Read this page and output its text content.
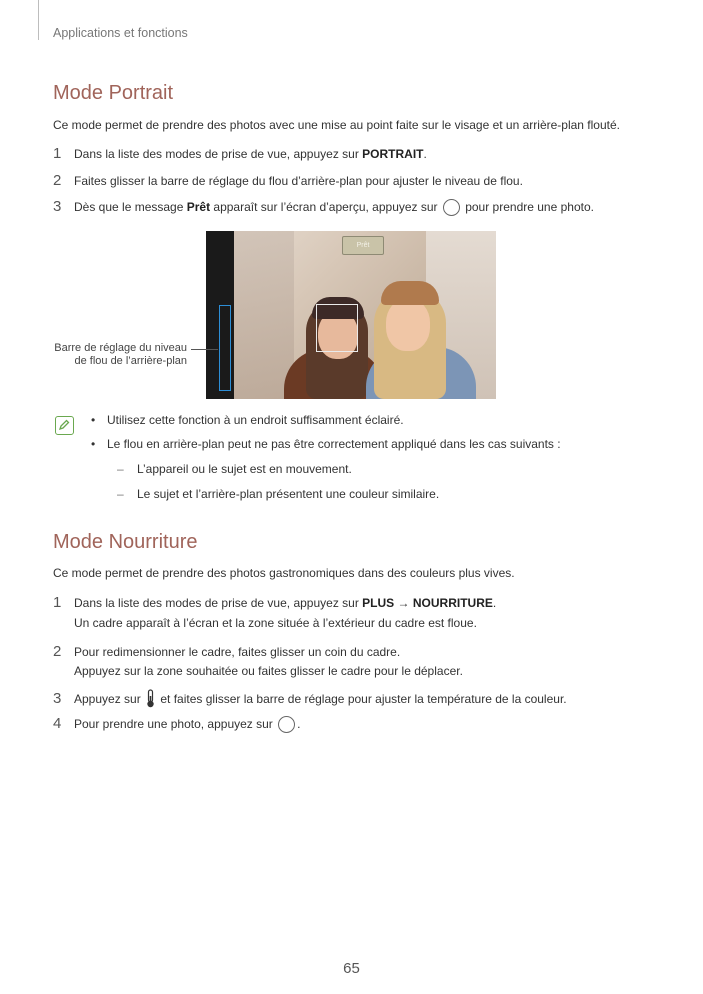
Applications et fonctions
Mode Portrait
Ce mode permet de prendre des photos avec une mise au point faite sur le visage et un arrière-plan flouté.
1 Dans la liste des modes de prise de vue, appuyez sur PORTRAIT.
2 Faites glisser la barre de réglage du flou d’arrière-plan pour ajuster le niveau de flou.
3 Dès que le message Prêt apparaît sur l’écran d’aperçu, appuyez sur  pour prendre une photo.
Prêt
Barre de réglage du niveau de flou de l’arrière-plan
• Utilisez cette fonction à un endroit suffisamment éclairé.
• Le flou en arrière-plan peut ne pas être correctement appliqué dans les cas suivants :
– L’appareil ou le sujet est en mouvement.
– Le sujet et l’arrière-plan présentent une couleur similaire.
Mode Nourriture
Ce mode permet de prendre des photos gastronomiques dans des couleurs plus vives.
1 Dans la liste des modes de prise de vue, appuyez sur PLUS → NOURRITURE.
Un cadre apparaît à l’écran et la zone située à l’extérieur du cadre est floue.
2 Pour redimensionner le cadre, faites glisser un coin du cadre.
Appuyez sur la zone souhaitée ou faites glisser le cadre pour le déplacer.
3 Appuyez sur  et faites glisser la barre de réglage pour ajuster la température de la couleur.
4 Pour prendre une photo, appuyez sur .
65
